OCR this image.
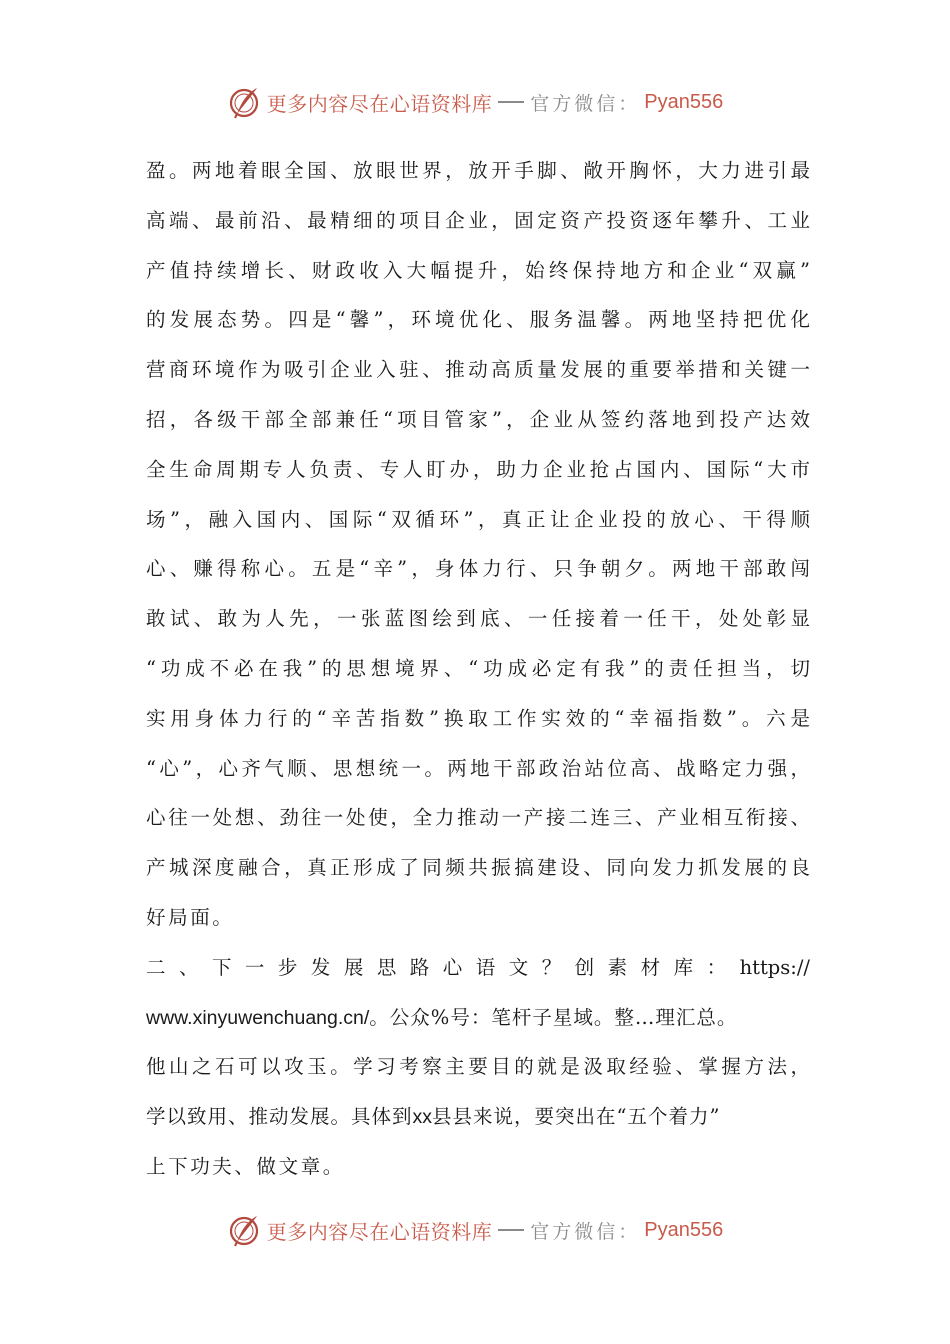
更多内容尽在心语资料库 官方微信： Pyan556
盈。两地着眼全国、放眼世界，放开手脚、敞开胸怀，大力进引最
高端、最前沿、最精细的项目企业，固定资产投资逐年攀升、工业
产值持续增长、财政收入大幅提升，始终保持地方和企业“双赢”
的发展态势。四是“馨”，环境优化、服务温馨。两地坚持把优化
营商环境作为吸引企业入驻、推动高质量发展的重要举措和关键一
招，各级干部全部兼任“项目管家”，企业从签约落地到投产达效
全生命周期专人负责、专人盯办，助力企业抢占国内、国际“大市
场”，融入国内、国际“双循环”，真正让企业投的放心、干得顺
心、赚得称心。五是“辛”，身体力行、只争朝夕。两地干部敢闯
敢试、敢为人先，一张蓝图绘到底、一任接着一任干，处处彰显
“功成不必在我”的思想境界、“功成必定有我”的责任担当，切
实用身体力行的“辛苦指数”换取工作实效的“幸福指数”。六是
“心”，心齐气顺、思想统一。两地干部政治站位高、战略定力强，
心往一处想、劲往一处使，全力推动一产接二连三、产业相互衔接、
产城深度融合，真正形成了同频共振搞建设、同向发力抓发展的良
好局面。
二、下一步发展思路心语文？创素材库：https://
www.xinyuwenchuang.cn/。公众%号：笔杆子星域。整…理汇总。
他山之石可以攻玉。学习考察主要目的就是汲取经验、掌握方法，
学以致用、推动发展。具体到xx县县来说，要突出在“五个着力”
上下功夫、做文章。
更多内容尽在心语资料库 官方微信： Pyan556
